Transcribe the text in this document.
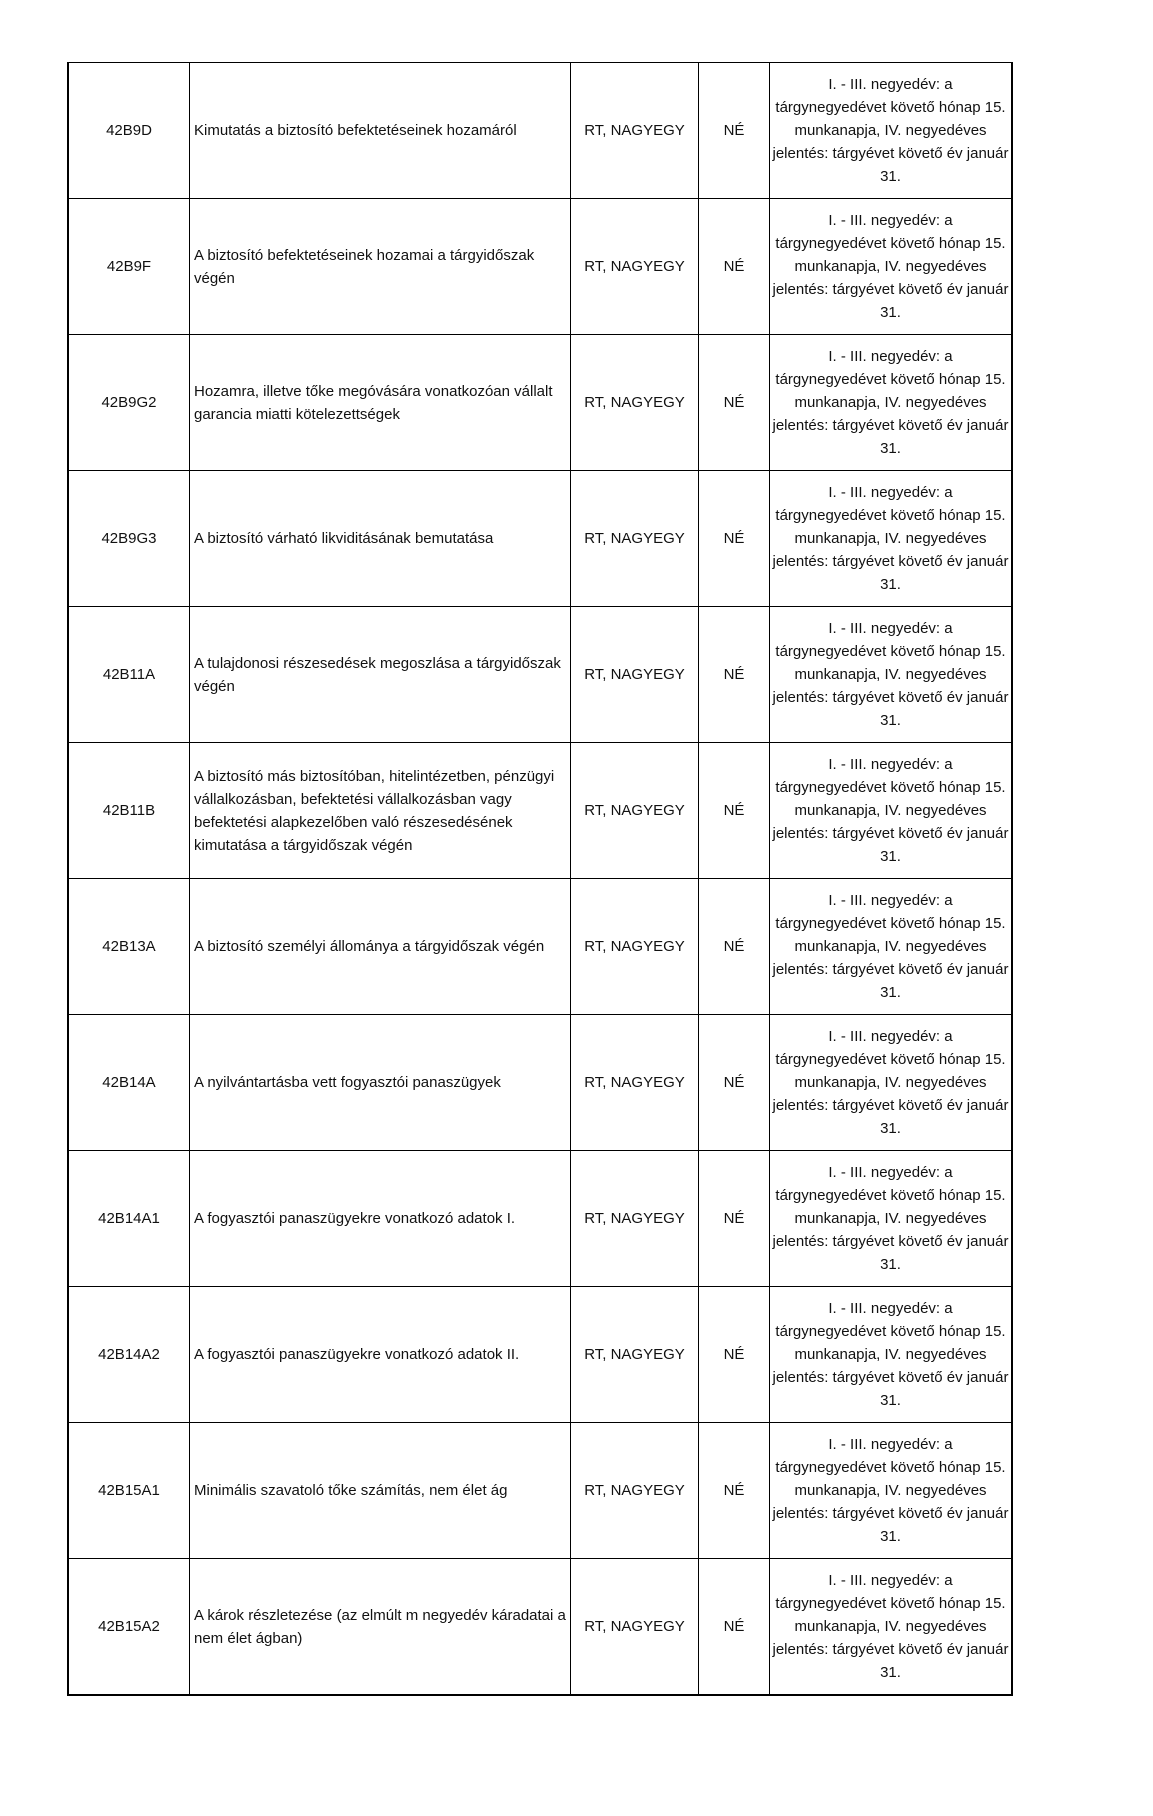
42B9D	Kimutatás a biztosító befektetéseinek hozamáról	RT, NAGYEGY	NÉ	I. - III. negyedév: a tárgynegyedévet követő hónap 15. munkanapja, IV. negyedéves jelentés: tárgyévet követő év január 31.
42B9F	A biztosító befektetéseinek hozamai a tárgyidőszak végén	RT, NAGYEGY	NÉ	I. - III. negyedév: a tárgynegyedévet követő hónap 15. munkanapja, IV. negyedéves jelentés: tárgyévet követő év január 31.
42B9G2	Hozamra, illetve tőke megóvására vonatkozóan vállalt garancia miatti kötelezettségek	RT, NAGYEGY	NÉ	I. - III. negyedév: a tárgynegyedévet követő hónap 15. munkanapja, IV. negyedéves jelentés: tárgyévet követő év január 31.
42B9G3	A biztosító várható likviditásának bemutatása	RT, NAGYEGY	NÉ	I. - III. negyedév: a tárgynegyedévet követő hónap 15. munkanapja, IV. negyedéves jelentés: tárgyévet követő év január 31.
42B11A	A tulajdonosi részesedések megoszlása a tárgyidőszak végén	RT, NAGYEGY	NÉ	I. - III. negyedév: a tárgynegyedévet követő hónap 15. munkanapja, IV. negyedéves jelentés: tárgyévet követő év január 31.
42B11B	A biztosító más biztosítóban, hitelintézetben, pénzügyi vállalkozásban, befektetési vállalkozásban vagy befektetési alapkezelőben való részesedésének kimutatása a tárgyidőszak végén	RT, NAGYEGY	NÉ	I. - III. negyedév: a tárgynegyedévet követő hónap 15. munkanapja, IV. negyedéves jelentés: tárgyévet követő év január 31.
42B13A	A biztosító személyi állománya a tárgyidőszak végén	RT, NAGYEGY	NÉ	I. - III. negyedév: a tárgynegyedévet követő hónap 15. munkanapja, IV. negyedéves jelentés: tárgyévet követő év január 31.
42B14A	A nyilvántartásba vett fogyasztói panaszügyek	RT, NAGYEGY	NÉ	I. - III. negyedév: a tárgynegyedévet követő hónap 15. munkanapja, IV. negyedéves jelentés: tárgyévet követő év január 31.
42B14A1	A fogyasztói panaszügyekre vonatkozó adatok I.	RT, NAGYEGY	NÉ	I. - III. negyedév: a tárgynegyedévet követő hónap 15. munkanapja, IV. negyedéves jelentés: tárgyévet követő év január 31.
42B14A2	A fogyasztói panaszügyekre vonatkozó adatok II.	RT, NAGYEGY	NÉ	I. - III. negyedév: a tárgynegyedévet követő hónap 15. munkanapja, IV. negyedéves jelentés: tárgyévet követő év január 31.
42B15A1	Minimális szavatoló tőke számítás, nem élet ág	RT, NAGYEGY	NÉ	I. - III. negyedév: a tárgynegyedévet követő hónap 15. munkanapja, IV. negyedéves jelentés: tárgyévet követő év január 31.
42B15A2	A károk részletezése (az elmúlt m negyedév káradatai a nem élet ágban)	RT, NAGYEGY	NÉ	I. - III. negyedév: a tárgynegyedévet követő hónap 15. munkanapja, IV. negyedéves jelentés: tárgyévet követő év január 31.
